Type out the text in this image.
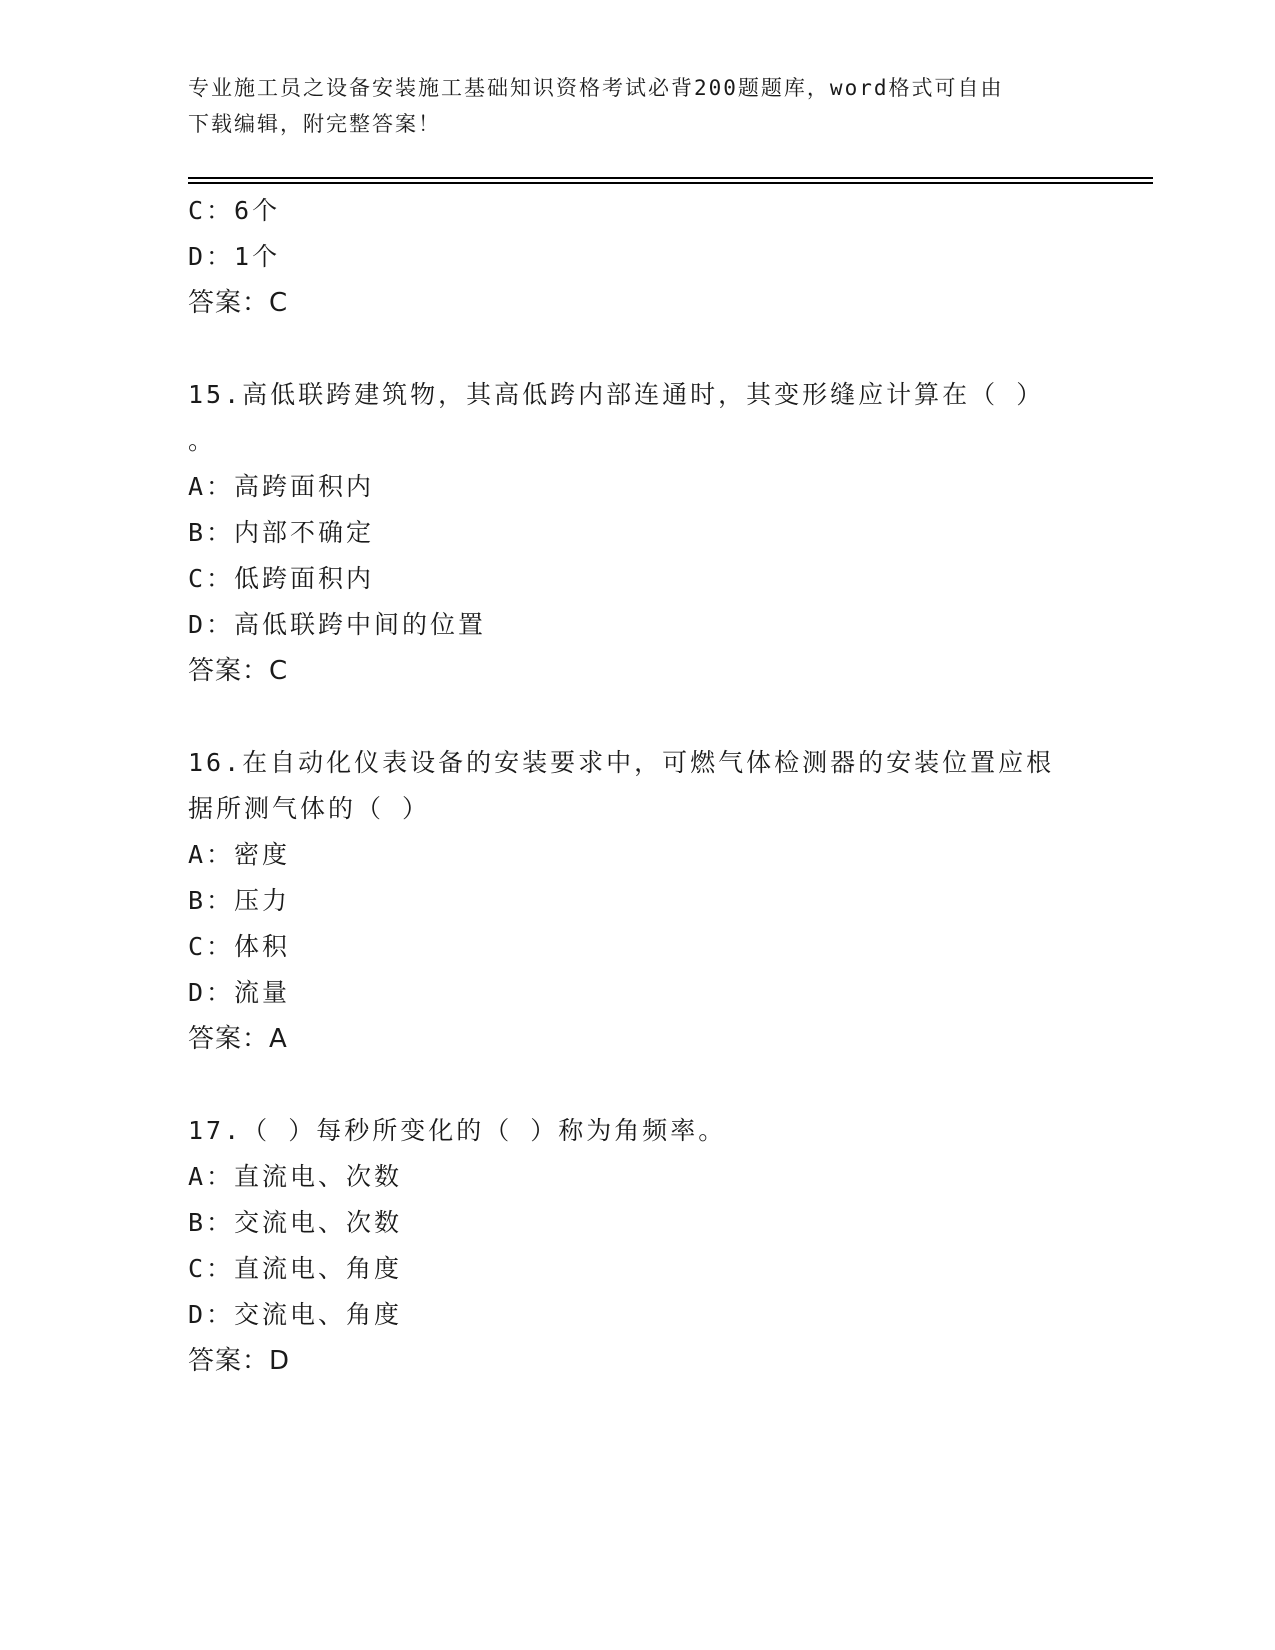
专业施工员之设备安装施工基础知识资格考试必背200题题库，word格式可自由
下载编辑，附完整答案！
C：6个
D：1个
答案：C
15.高低联跨建筑物，其高低跨内部连通时，其变形缝应计算在（ ）
。
A：高跨面积内
B：内部不确定
C：低跨面积内
D：高低联跨中间的位置
答案：C
16.在自动化仪表设备的安装要求中，可燃气体检测器的安装位置应根
据所测气体的（ ）
A：密度
B：压力
C：体积
D：流量
答案：A
17.（ ）每秒所变化的（ ）称为角频率。
A：直流电、次数
B：交流电、次数
C：直流电、角度
D：交流电、角度
答案：D
